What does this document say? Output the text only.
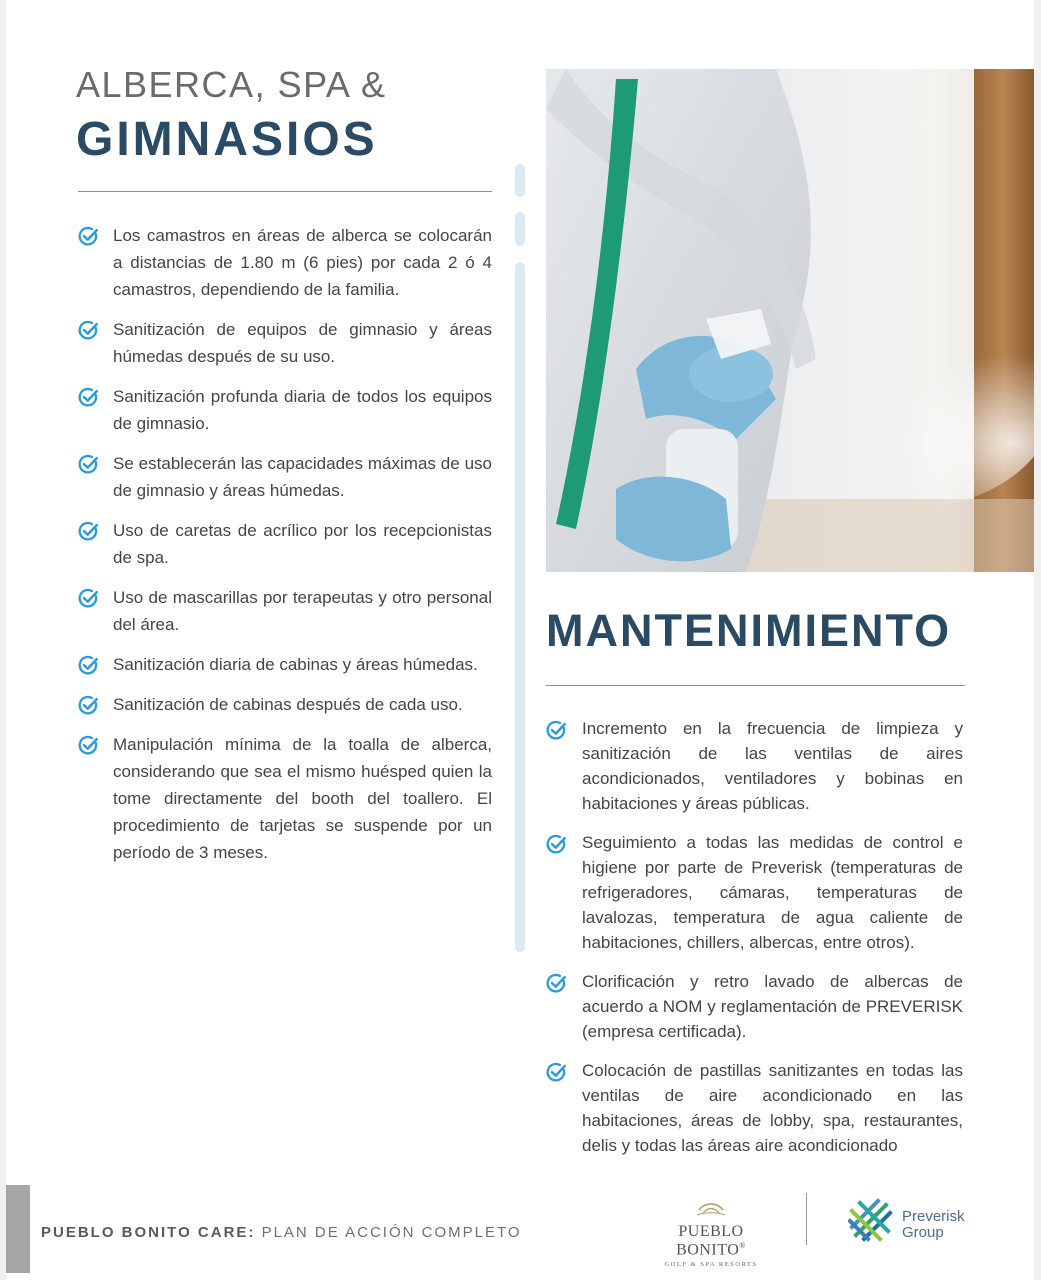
ALBERCA, SPA &
GIMNASIOS
Los camastros en áreas de alberca se colocarán a distancias de 1.80 m (6 pies) por cada 2 ó 4 camastros, dependiendo de la familia.
Sanitización de equipos de gimnasio y áreas húmedas después de su uso.
Sanitización profunda diaria de todos los equipos de gimnasio.
Se establecerán las capacidades máximas de uso de gimnasio y áreas húmedas.
Uso de caretas de acrílico por los recepcionistas de spa.
Uso de mascarillas por terapeutas y otro personal del área.
Sanitización diaria de cabinas y áreas húmedas.
Sanitización de cabinas después de cada uso.
Manipulación mínima de la toalla de alberca, considerando que sea el mismo huésped quien la tome directamente del booth del toallero. El procedimiento de tarjetas se suspende por un período de 3 meses.
MANTENIMIENTO
Incremento en la frecuencia de limpieza y sanitización de las ventilas de aires acondicionados, ventiladores y bobinas en habitaciones y áreas públicas.
Seguimiento a todas las medidas de control e higiene por parte de Preverisk (temperaturas de refrigeradores, cámaras, temperaturas de lavalozas, temperatura de agua caliente de habitaciones, chillers, albercas, entre otros).
Clorificación y retro lavado de albercas de acuerdo a NOM y reglamentación de PREVERISK (empresa certificada).
Colocación de pastillas sanitizantes en todas las ventilas de aire acondicionado en las habitaciones, áreas de lobby, spa, restaurantes, delis y todas las áreas aire acondicionado
PUEBLO BONITO CARE: PLAN DE ACCIÓN COMPLETO	PUEBLO BONITO®
GOLF & SPA RESORTS
Preverisk
Group
